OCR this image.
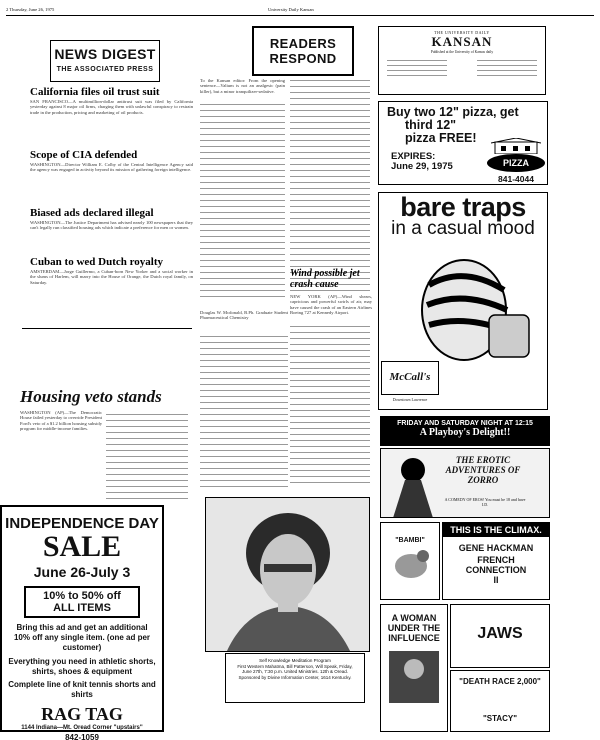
2 Thursday, June 26, 1975	University Daily Kansan
NEWS DIGEST
THE ASSOCIATED PRESS
California files oil trust suit
SAN FRANCISCO—A multimillion-dollar antitrust suit was filed by California yesterday against 8 major oil firms, charging them with unlawful conspiracy to restrain trade in the production, pricing and marketing of oil products.
Scope of CIA defended
WASHINGTON—Director William E. Colby of the Central Intelligence Agency said the agency was engaged in activity beyond its mission of gathering foreign intelligence.
Biased ads declared illegal
WASHINGTON—The Justice Department has advised nearly 100 newspapers that they can't legally run classified housing ads which indicate a preference for men or women.
Cuban to wed Dutch royalty
AMSTERDAM—Jorge Guillermo, a Cuban-born New Yorker and a social worker in the slums of Harlem, will marry into the House of Orange, the Dutch royal family, on Saturday.
Housing veto stands
WASHINGTON (AP)—The Democratic House failed yesterday to override President Ford's veto of a $1.2 billion housing subsidy program for middle-income families.
INDEPENDENCE DAY
SALE
June 26-July 3
10% to 50% off
ALL ITEMS
Bring this ad and get an additional 10% off any single item. (one ad per customer)
Everything you need in athletic shorts, shirts, shoes & equipment
Complete line of knit tennis shorts and shirts
RAG TAG
1144 Indiana—Mt. Oread Corner "upstairs"
842-1059
READERS
RESPOND
To the Kansan editor: From the opening sentence—Valium is not an analgesic (pain killer), but a minor tranquilizer-sedative.
Douglas W. Mcdonald, B.Ph. Graduate Student Pharmaceutical Chemistry
Self Knowledge Meditation Program
First Western Mahatma, Bill Patterson, Will Speak, Friday,
June 27th, 7:30 p.m. United Ministries. 12th & Oread.
Sponsored by Divine Information Center, 1614 Kentucky.
THE UNIVERSITY DAILY
KANSAN
Published at the University of Kansas daily
Buy two 12" pizza, get
third 12"
pizza FREE!
EXPIRES:
June 29, 1975	PIZZA
841-4044
bare traps
in a casual mood
McCall's
Downtown Lawrence
Wind possible jet crash cause
NEW YORK (AP)—Wind shears, capricious and powerful swirls of air, may have caused the crash of an Eastern Airlines Boeing 727 at Kennedy Airport.
FRIDAY AND SATURDAY NIGHT AT 12:15
A Playboy's Delight!!
THE EROTIC ADVENTURES OF ZORRO
A COMEDY OF EROS! You must be 18 and have I.D.
"BAMBI"
THIS IS THE CLIMAX.
GENE HACKMAN
FRENCH CONNECTION II
A WOMAN UNDER THE INFLUENCE	JAWS
"DEATH RACE 2,000"
"STACY"
